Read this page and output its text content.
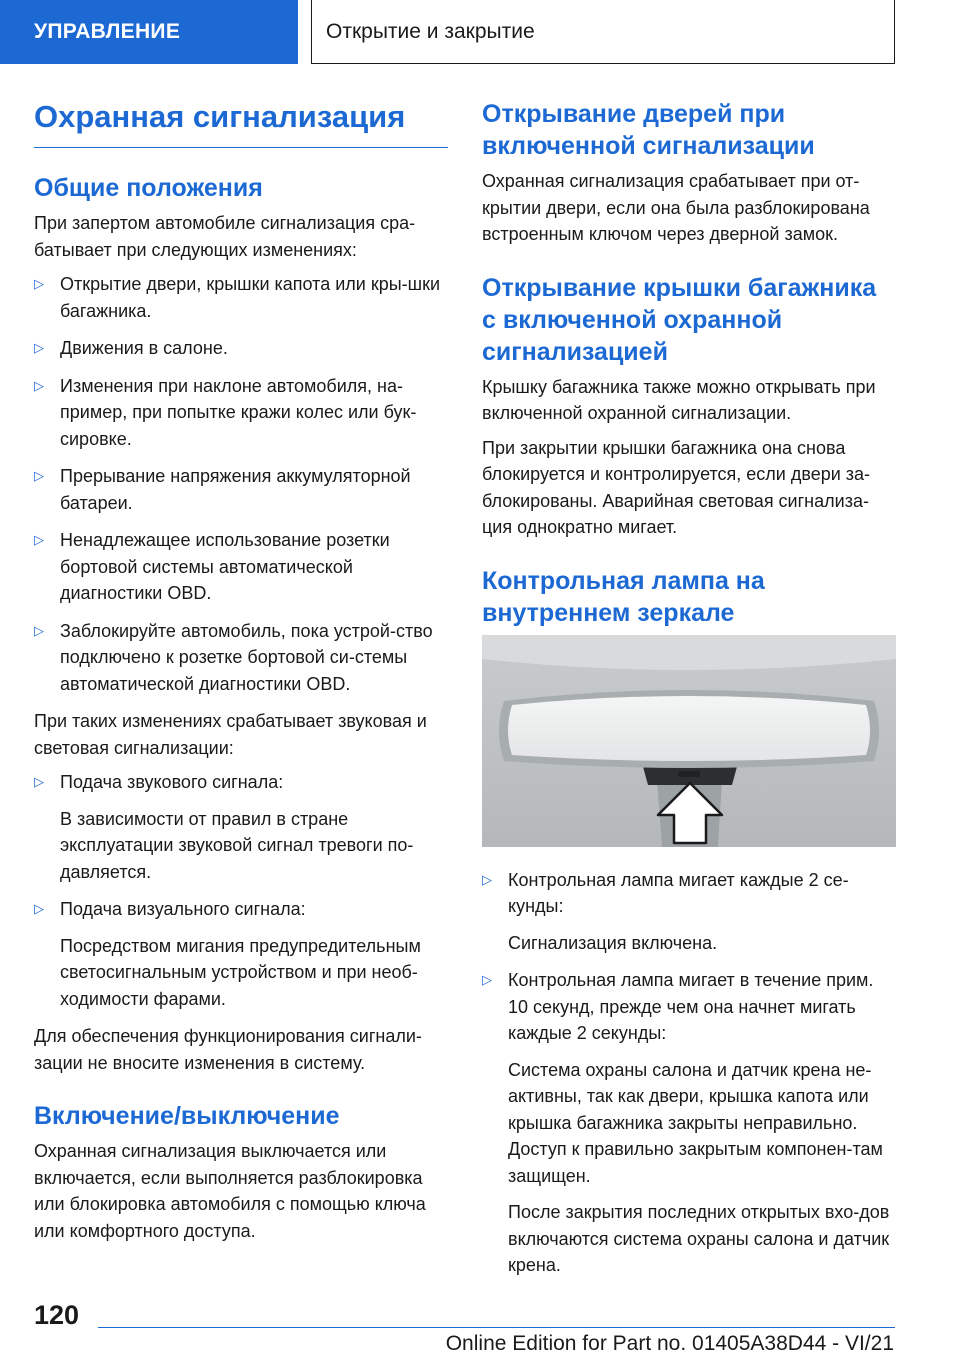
УПРАВЛЕНИЕ	Открытие и закрытие
Охранная сигнализация
Общие положения

При запертом автомобиле сигнализация сра-батывает при следующих изменениях:

▷ Открытие двери, крышки капота или кры-шки багажника.
▷ Движения в салоне.
▷ Изменения при наклоне автомобиля, на-пример, при попытке кражи колес или бук-сировке.
▷ Прерывание напряжения аккумуляторной батареи.
▷ Ненадлежащее использование розетки бортовой системы автоматической диагностики OBD.
▷ Заблокируйте автомобиль, пока устрой-ство подключено к розетке бортовой си-стемы автоматической диагностики OBD.

При таких изменениях срабатывает звуковая и световая сигнализации:

▷ Подача звукового сигнала:

В зависимости от правил в стране эксплуатации звуковой сигнал тревоги по-давляется.

▷ Подача визуального сигнала:

Посредством мигания предупредительным светосигнальным устройством и при необ-ходимости фарами.

Для обеспечения функционирования сигнали-зации не вносите изменения в систему.

Включение/выключение

Охранная сигнализация выключается или включается, если выполняется разблокировка или блокировка автомобиля с помощью ключа или комфортного доступа.

Открывание дверей при включенной сигнализации

Охранная сигнализация срабатывает при от-крытии двери, если она была разблокирована встроенным ключом через дверной замок.

Открывание крышки багажника с включенной охранной сигнализацией

Крышку багажника также можно открывать при включенной охранной сигнализации.

При закрытии крышки багажника она снова блокируется и контролируется, если двери за-блокированы. Аварийная световая сигнализа-ция однократно мигает.

Контрольная лампа на внутреннем зеркале
▷ Контрольная лампа мигает каждые 2 се-кунды:

Сигнализация включена.

▷ Контрольная лампа мигает в течение прим. 10 секунд, прежде чем она начнет мигать каждые 2 секунды:

Система охраны салона и датчик крена не-активны, так как двери, крышка капота или крышка багажника закрыты неправильно. Доступ к правильно закрытым компонен-там защищен.

После закрытия последних открытых вхо-дов включаются система охраны салона и датчик крена.

120
Online Edition for Part no. 01405A38D44 - VI/21
